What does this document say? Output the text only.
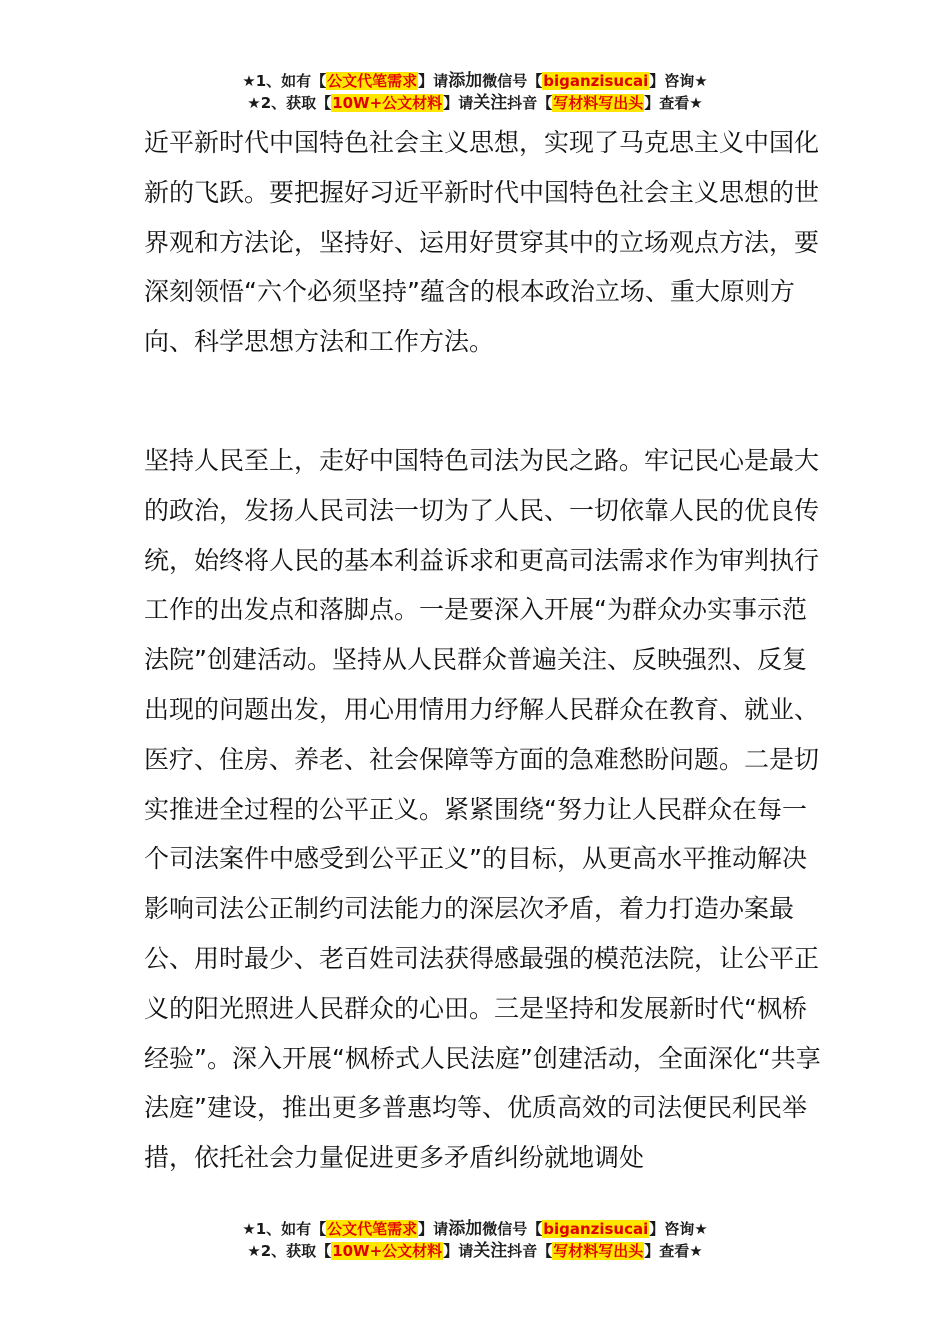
★1、如有【公文代笔需求】请添加微信号【biganzisucai】咨询★
★2、获取【10W+公文材料】请关注抖音【写材料写出头】查看★

近平新时代中国特色社会主义思想，实现了马克思主义中国化新的飞跃。要把握好习近平新时代中国特色社会主义思想的世界观和方法论，坚持好、运用好贯穿其中的立场观点方法，要深刻领悟“六个必须坚持”蕴含的根本政治立场、重大原则方向、科学思想方法和工作方法。

坚持人民至上，走好中国特色司法为民之路。牢记民心是最大的政治，发扬人民司法一切为了人民、一切依靠人民的优良传统，始终将人民的基本利益诉求和更高司法需求作为审判执行工作的出发点和落脚点。一是要深入开展“为群众办实事示范法院”创建活动。坚持从人民群众普遍关注、反映强烈、反复出现的问题出发，用心用情用力纾解人民群众在教育、就业、医疗、住房、养老、社会保障等方面的急难愁盼问题。二是切实推进全过程的公平正义。紧紧围绕“努力让人民群众在每一个司法案件中感受到公平正义”的目标，从更高水平推动解决影响司法公正制约司法能力的深层次矛盾，着力打造办案最公、用时最少、老百姓司法获得感最强的模范法院，让公平正义的阳光照进人民群众的心田。三是坚持和发展新时代“枫桥经验”。深入开展“枫桥式人民法庭”创建活动，全面深化“共享法庭”建设，推出更多普惠均等、优质高效的司法便民利民举措，依托社会力量促进更多矛盾纠纷就地调处

★1、如有【公文代笔需求】请添加微信号【biganzisucai】咨询★
★2、获取【10W+公文材料】请关注抖音【写材料写出头】查看★
